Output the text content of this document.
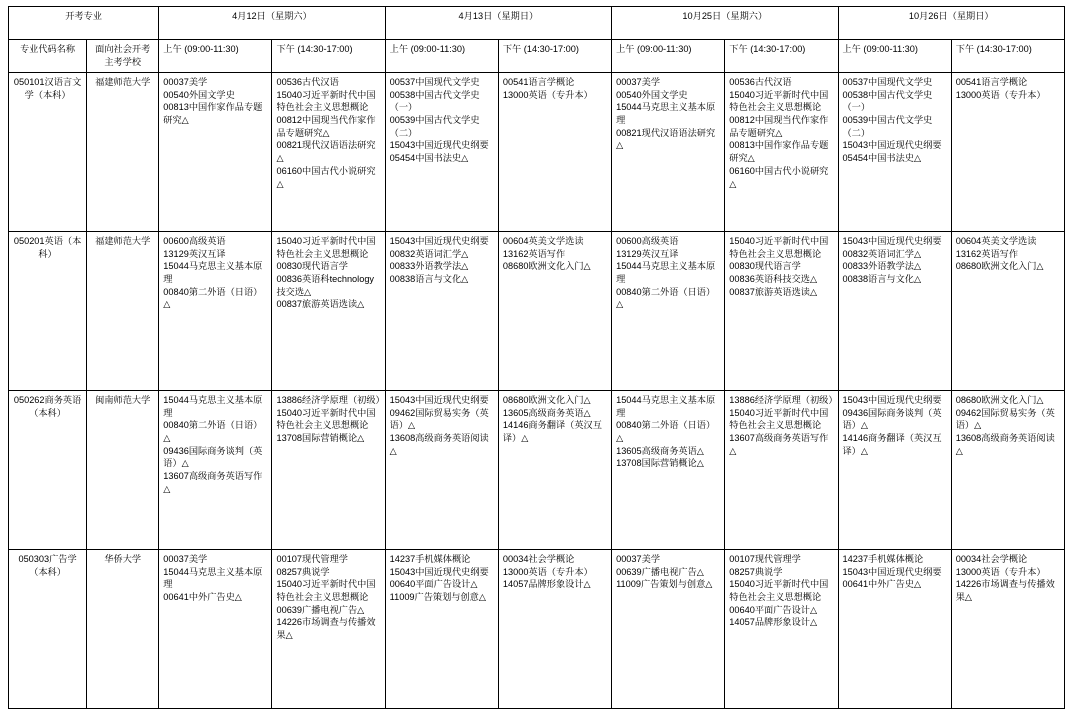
开考专业		4月12日（星期六）		4月13日（星期日）		10月25日（星期六）		10月26日（星期日）	
专业代码名称	面向社会开考主考学校	上午 (09:00-11:30)	下午 (14:30-17:00)	上午 (09:00-11:30)	下午 (14:30-17:00)	上午 (09:00-11:30)	下午 (14:30-17:00)	上午 (09:00-11:30)	下午 (14:30-17:00)
050101汉语言文学（本科）	福建师范大学	00037美学
00540外国文学史
00813中国作家作品专题研究△	00536古代汉语
15040习近平新时代中国特色社会主义思想概论
00812中国现当代作家作品专题研究△
00821现代汉语语法研究△
06160中国古代小说研究△	00537中国现代文学史
00538中国古代文学史（一）
00539中国古代文学史（二）
15043中国近现代史纲要
05454中国书法史△	00541语言学概论
13000英语（专升本）	00037美学
00540外国文学史
15044马克思主义基本原理
00821现代汉语语法研究△	00536古代汉语
15040习近平新时代中国特色社会主义思想概论
00812中国现当代作家作品专题研究△
00813中国作家作品专题研究△
06160中国古代小说研究△	00537中国现代文学史
00538中国古代文学史（一）
00539中国古代文学史（二）
15043中国近现代史纲要
05454中国书法史△	00541语言学概论
13000英语（专升本）

050201英语（本科）	福建师范大学	00600高级英语
13129英汉互译
15044马克思主义基本原理
00840第二外语（日语）△	15040习近平新时代中国特色社会主义思想概论
00830现代语言学
00836英语科technology技交选△
00837旅游英语选读△	15043中国近现代史纲要
00832英语词汇学△
00833外语教学法△
00838语言与文化△	00604英美文学选读
13162英语写作
08680欧洲文化入门△	00600高级英语
13129英汉互译
15044马克思主义基本原理
00840第二外语（日语）△	15040习近平新时代中国特色社会主义思想概论
00830现代语言学
00836英语科技交选△
00837旅游英语选读△	15043中国近现代史纲要
00832英语词汇学△
00833外语教学法△
00838语言与文化△	00604英美文学选读
13162英语写作
08680欧洲文化入门△

050262商务英语（本科）	闽南师范大学	15044马克思主义基本原理
00840第二外语（日语）△
09436国际商务谈判（英语）△
13607高级商务英语写作△	13886经济学原理（初级）
15040习近平新时代中国特色社会主义思想概论
13708国际营销概论△	15043中国近现代史纲要
09462国际贸易实务（英语）△
13608高级商务英语阅读△	08680欧洲文化入门△
13605高级商务英语△
14146商务翻译（英汉互译）△	15044马克思主义基本原理
00840第二外语（日语）△
13605高级商务英语△
13708国际营销概论△	13886经济学原理（初级）
15040习近平新时代中国特色社会主义思想概论
13607高级商务英语写作△	15043中国近现代史纲要
09436国际商务谈判（英语）△
14146商务翻译（英汉互译）△	08680欧洲文化入门△
09462国际贸易实务（英语）△
13608高级商务英语阅读△

050303广告学（本科）	华侨大学	00037美学
15044马克思主义基本原理
00641中外广告史△	00107现代管理学
08257典说学
15040习近平新时代中国特色社会主义思想概论
00639广播电视广告△
14226市场调查与传播效果△	14237手机媒体概论
15043中国近现代史纲要
00640平面广告设计△
11009广告策划与创意△	00034社会学概论
13000英语（专升本）
14057品牌形象设计△	00037美学
00639广播电视广告△
11009广告策划与创意△	00107现代管理学
08257典说学
15040习近平新时代中国特色社会主义思想概论
00640平面广告设计△
14057品牌形象设计△	14237手机媒体概论
15043中国近现代史纲要
00641中外广告史△	00034社会学概论
13000英语（专升本）
14226市场调查与传播效果△
